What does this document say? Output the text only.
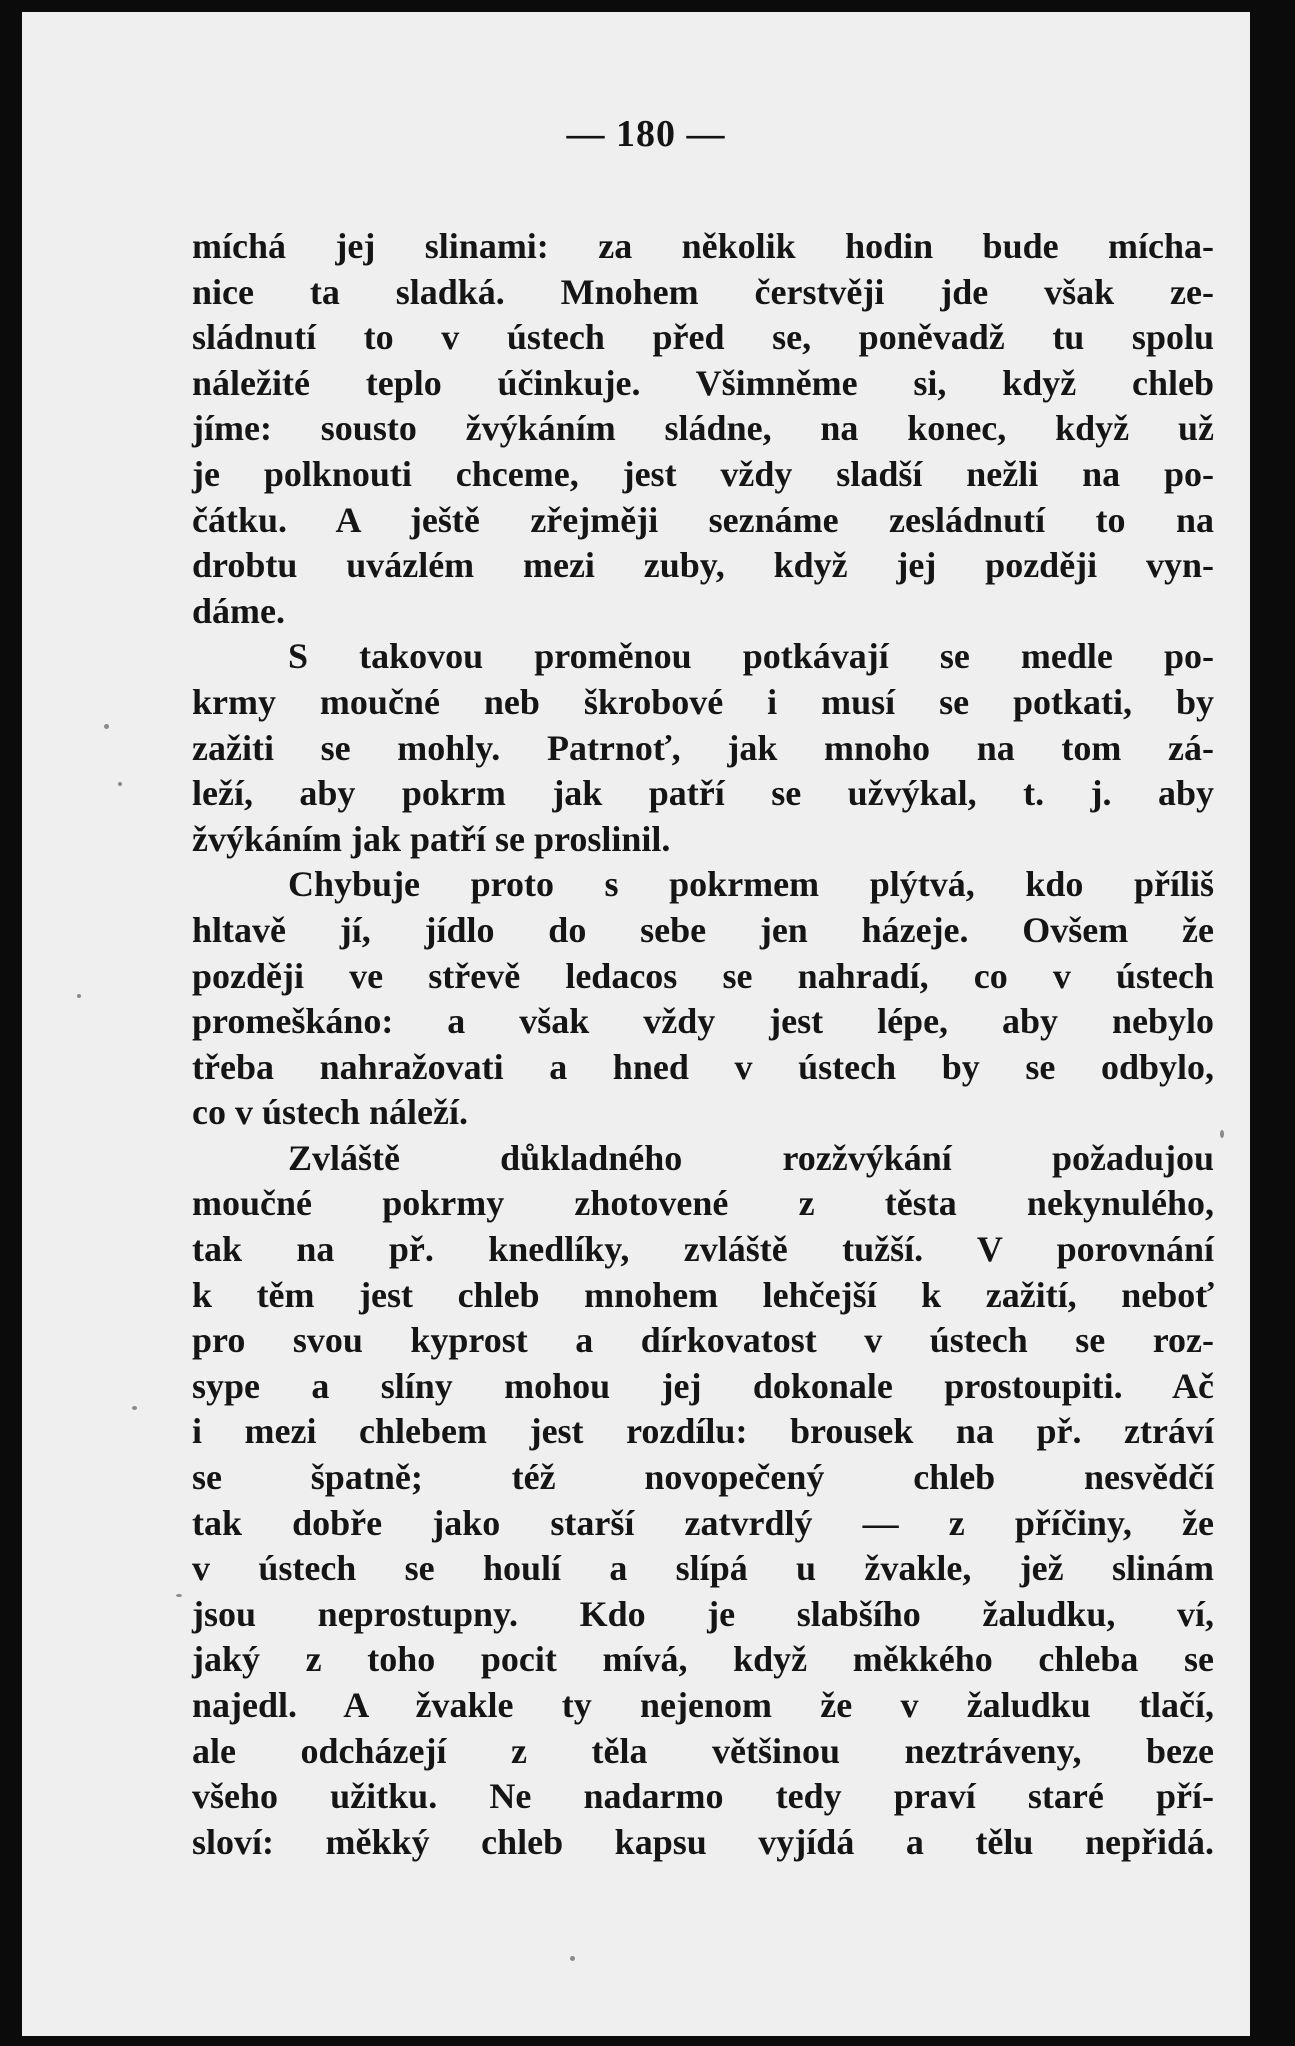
— 180 —
míchá jej slinami: za několik hodin bude mícha-
nice ta sladká. Mnohem čerstvěji jde však ze-
sládnutí to v ústech před se, poněvadž tu spolu
náležité teplo účinkuje. Všimněme si, když chleb
jíme: sousto žvýkáním sládne, na konec, když už
je polknouti chceme, jest vždy sladší nežli na po-
čátku. A ještě zřejměji seznáme zesládnutí to na
drobtu uvázlém mezi zuby, když jej později vyn-
dáme.
S takovou proměnou potkávají se medle po-
krmy moučné neb škrobové i musí se potkati, by
zažiti se mohly. Patrnoť, jak mnoho na tom zá-
leží, aby pokrm jak patří se užvýkal, t. j. aby
žvýkáním jak patří se proslinil.
Chybuje proto s pokrmem plýtvá, kdo příliš
hltavě jí, jídlo do sebe jen házeje. Ovšem že
později ve střevě ledacos se nahradí, co v ústech
promeškáno: a však vždy jest lépe, aby nebylo
třeba nahražovati a hned v ústech by se odbylo,
co v ústech náleží.
Zvláště důkladného rozžvýkání požadujou
moučné pokrmy zhotovené z těsta nekynulého,
tak na př. knedlíky, zvláště tužší. V porovnání
k těm jest chleb mnohem lehčejší k zažití, neboť
pro svou kyprost a dírkovatost v ústech se roz-
sype a slíny mohou jej dokonale prostoupiti. Ač
i mezi chlebem jest rozdílu: brousek na př. ztráví
se špatně; též novopečený chleb nesvědčí
tak dobře jako starší zatvrdlý — z příčiny, že
v ústech se houlí a slípá u žvakle, jež slinám
jsou neprostupny. Kdo je slabšího žaludku, ví,
jaký z toho pocit mívá, když měkkého chleba se
najedl. A žvakle ty nejenom že v žaludku tlačí,
ale odcházejí z těla většinou neztráveny, beze
všeho užitku. Ne nadarmo tedy praví staré pří-
sloví: měkký chleb kapsu vyjídá a tělu nepřidá.
